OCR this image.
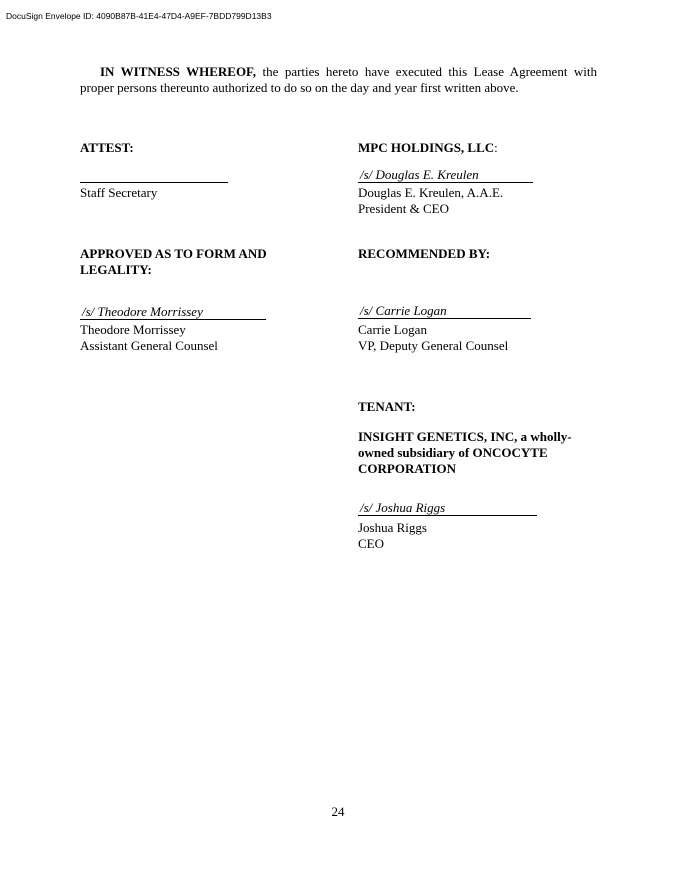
DocuSign Envelope ID: 4090B87B-41E4-47D4-A9EF-7BDD799D13B3
IN WITNESS WHEREOF, the parties hereto have executed this Lease Agreement with proper persons thereunto authorized to do so on the day and year first written above.
ATTEST:
Staff Secretary
MPC HOLDINGS, LLC:
/s/ Douglas E. Kreulen
Douglas E. Kreulen, A.A.E.
President & CEO
APPROVED AS TO FORM AND
LEGALITY:
/s/ Theodore Morrissey
Theodore Morrissey
Assistant General Counsel
RECOMMENDED BY:
/s/ Carrie Logan
Carrie Logan
VP, Deputy General Counsel
TENANT:
INSIGHT GENETICS, INC, a wholly-
owned subsidiary of ONCOCYTE
CORPORATION
/s/ Joshua Riggs
Joshua Riggs
CEO
24
